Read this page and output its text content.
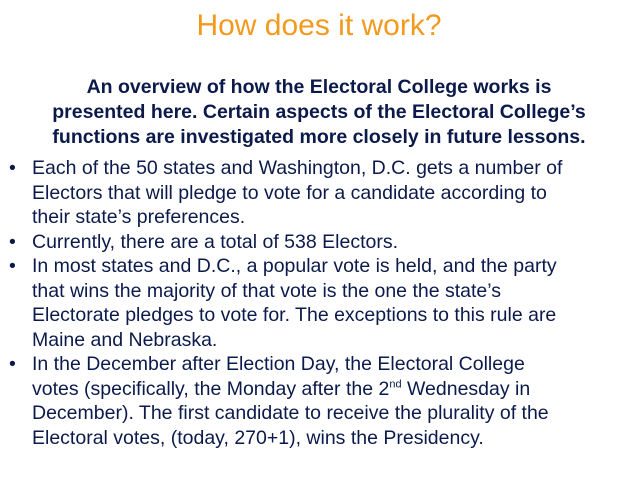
How does it work?
An overview of how the Electoral College works is
presented here. Certain aspects of the Electoral College’s
functions are investigated more closely in future lessons.
• Each of the 50 states and Washington, D.C. gets a number of
Electors that will pledge to vote for a candidate according to
their state’s preferences.
• Currently, there are a total of 538 Electors.
• In most states and D.C., a popular vote is held, and the party
that wins the majority of that vote is the one the state’s
Electorate pledges to vote for. The exceptions to this rule are
Maine and Nebraska.
• In the December after Election Day, the Electoral College
votes (specifically, the Monday after the 2nd Wednesday in
December). The first candidate to receive the plurality of the
Electoral votes, (today, 270+1), wins the Presidency.
